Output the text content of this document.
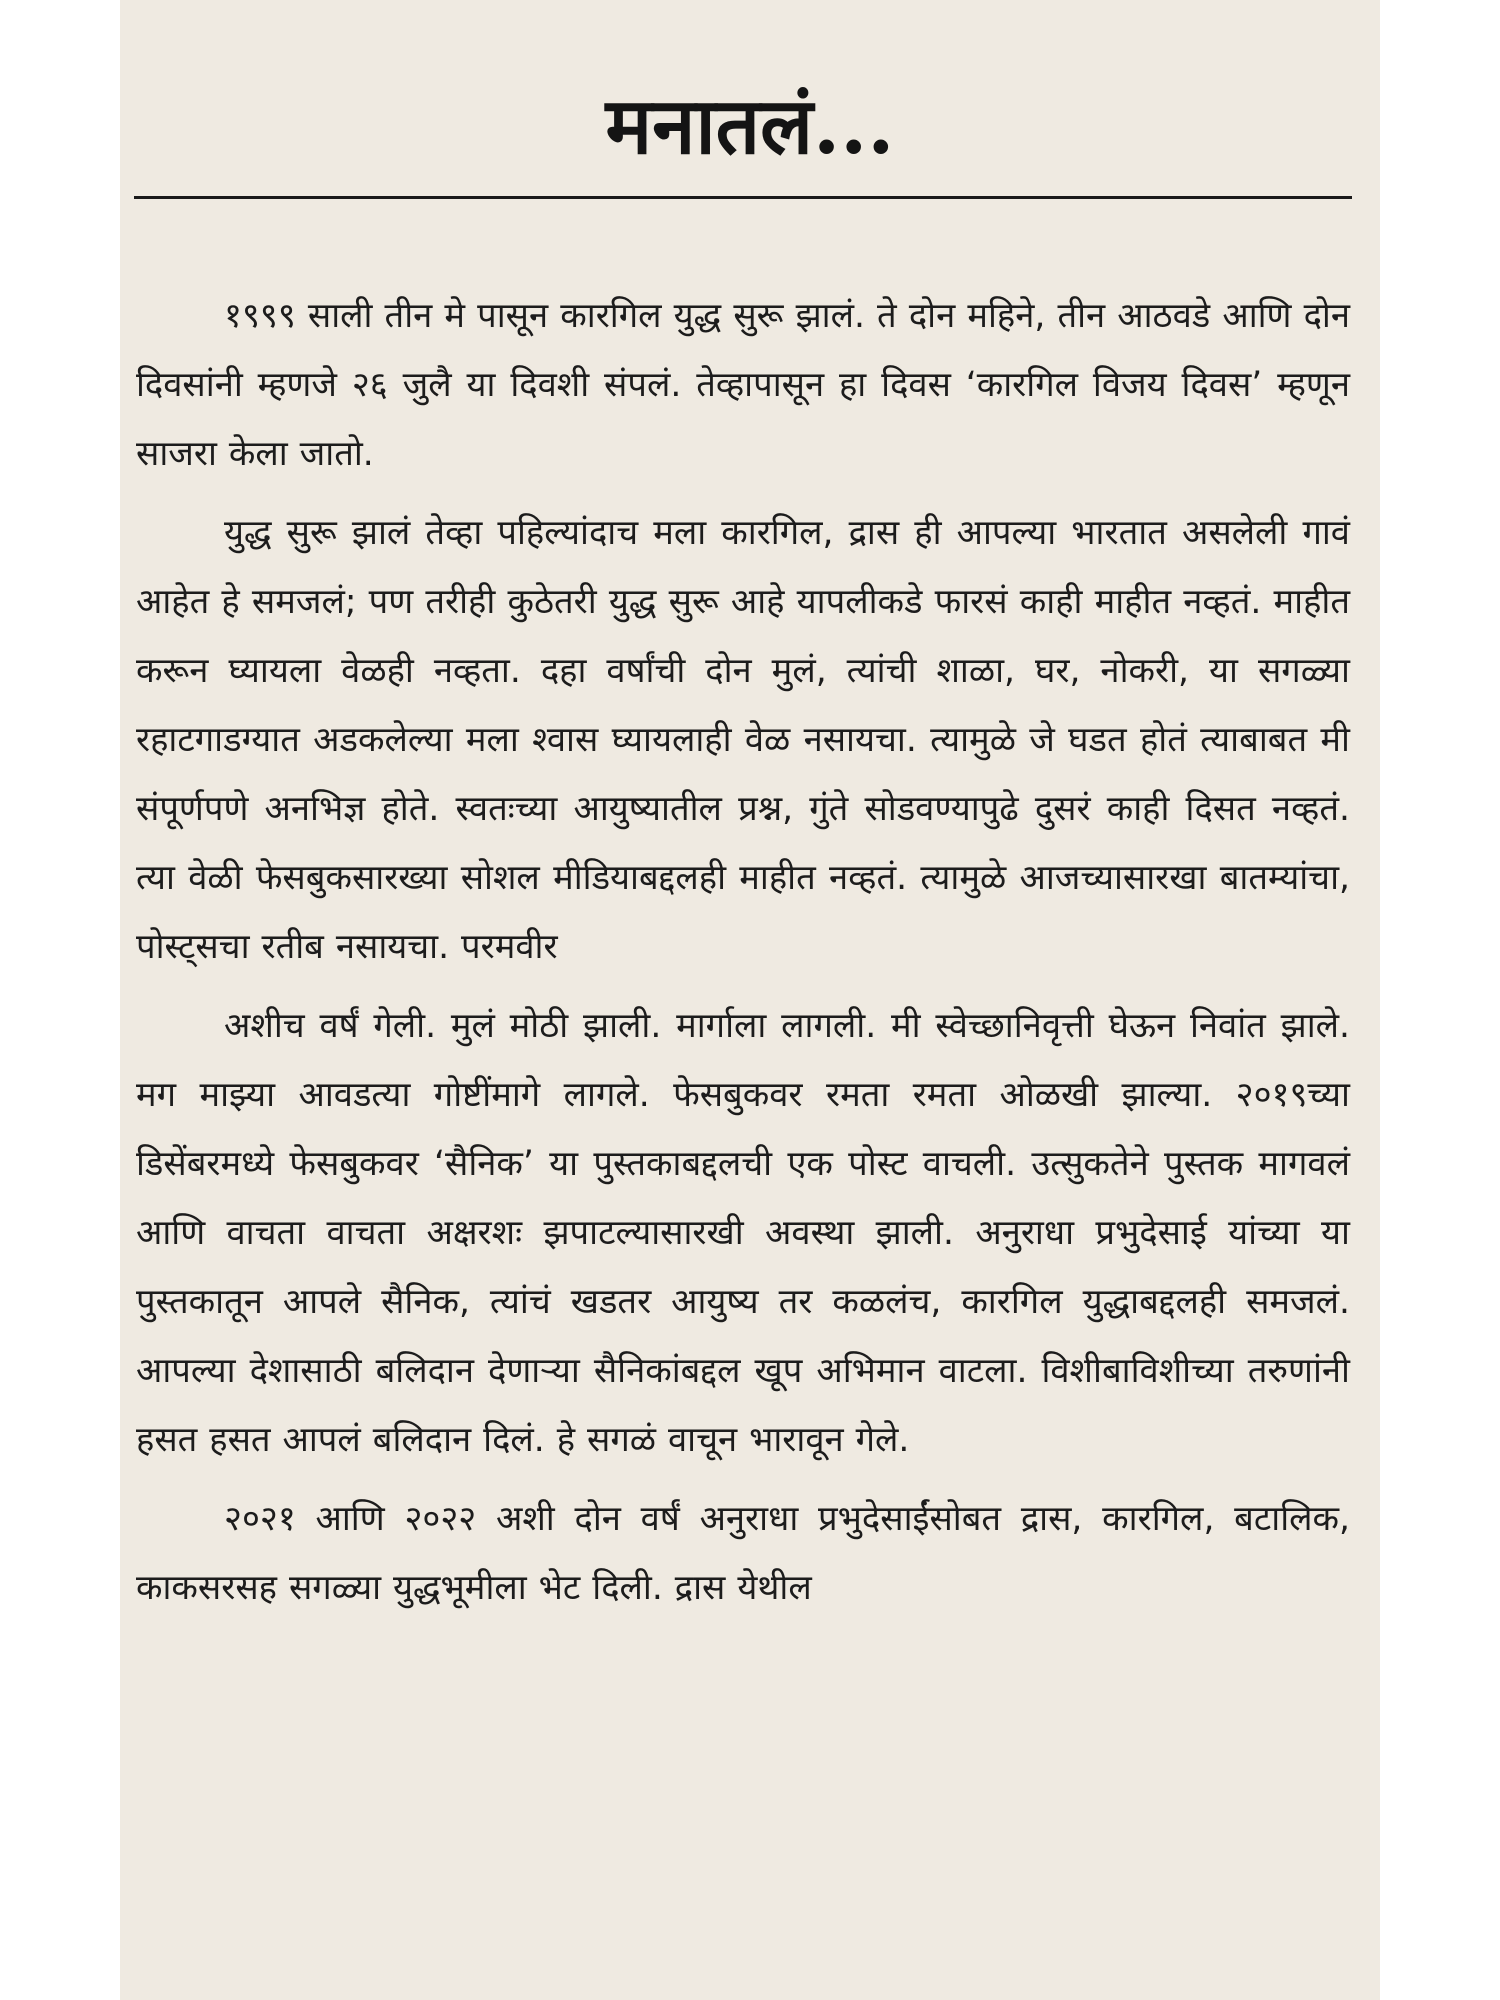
मनातलं...

१९९९ साली तीन मे पासून कारगिल युद्ध सुरू झालं. ते दोन महिने, तीन आठवडे आणि दोन दिवसांनी म्हणजे २६ जुलै या दिवशी संपलं. तेव्हापासून हा दिवस ‘कारगिल विजय दिवस’ म्हणून साजरा केला जातो.

युद्ध सुरू झालं तेव्हा पहिल्यांदाच मला कारगिल, द्रास ही आपल्या भारतात असलेली गावं आहेत हे समजलं; पण तरीही कुठेतरी युद्ध सुरू आहे यापलीकडे फारसं काही माहीत नव्हतं. माहीत करून घ्यायला वेळही नव्हता. दहा वर्षांची दोन मुलं, त्यांची शाळा, घर, नोकरी, या सगळ्या रहाटगाडग्यात अडकलेल्या मला श्वास घ्यायलाही वेळ नसायचा. त्यामुळे जे घडत होतं त्याबाबत मी संपूर्णपणे अनभिज्ञ होते. स्वतःच्या आयुष्यातील प्रश्न, गुंते सोडवण्यापुढे दुसरं काही दिसत नव्हतं. त्या वेळी फेसबुकसारख्या सोशल मीडियाबद्दलही माहीत नव्हतं. त्यामुळे आजच्यासारखा बातम्यांचा, पोस्ट्सचा रतीब नसायचा. परमवीर

अशीच वर्षं गेली. मुलं मोठी झाली. मार्गाला लागली. मी स्वेच्छानिवृत्ती घेऊन निवांत झाले. मग माझ्या आवडत्या गोष्टींमागे लागले. फेसबुकवर रमता रमता ओळखी झाल्या. २०१९च्या डिसेंबरमध्ये फेसबुकवर ‘सैनिक’ या पुस्तकाबद्दलची एक पोस्ट वाचली. उत्सुकतेने पुस्तक मागवलं आणि वाचता वाचता अक्षरशः झपाटल्यासारखी अवस्था झाली. अनुराधा प्रभुदेसाई यांच्या या पुस्तकातून आपले सैनिक, त्यांचं खडतर आयुष्य तर कळलंच, कारगिल युद्धाबद्दलही समजलं. आपल्या देशासाठी बलिदान देणाऱ्या सैनिकांबद्दल खूप अभिमान वाटला. विशीबाविशीच्या तरुणांनी हसत हसत आपलं बलिदान दिलं. हे सगळं वाचून भारावून गेले.

२०२१ आणि २०२२ अशी दोन वर्षं अनुराधा प्रभुदेसाईंसोबत द्रास, कारगिल, बटालिक, काकसरसह सगळ्या युद्धभूमीला भेट दिली. द्रास येथील
